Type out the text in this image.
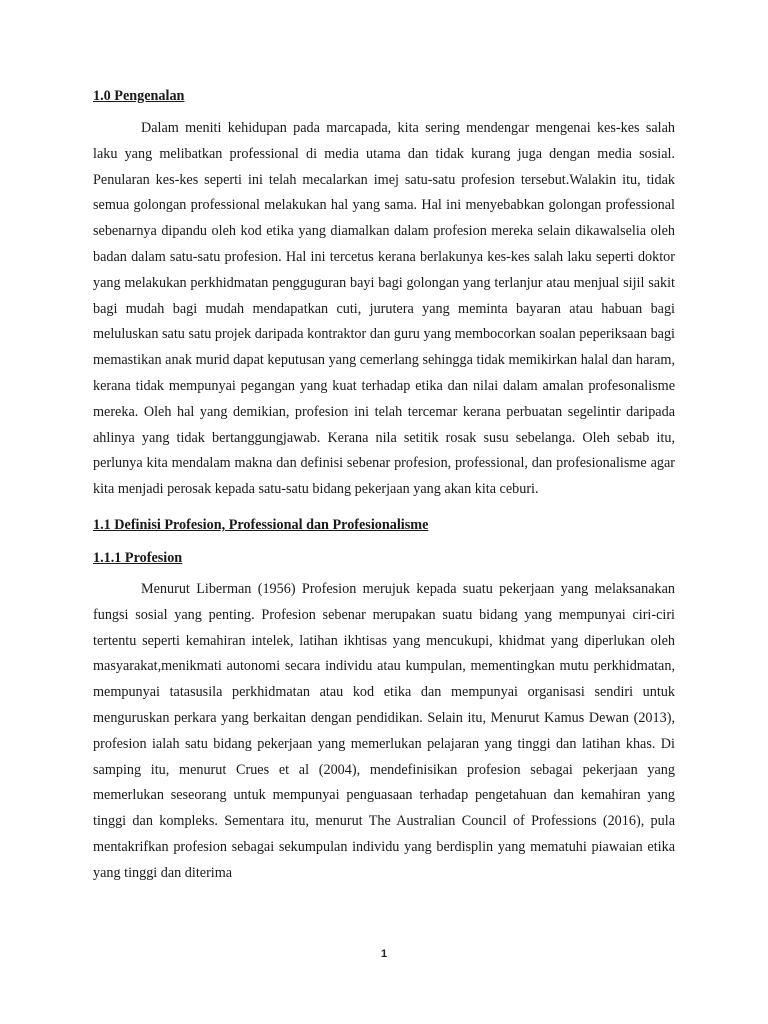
1.0 Pengenalan

Dalam meniti kehidupan pada marcapada, kita sering mendengar mengenai kes-kes salah laku yang melibatkan professional di media utama dan tidak kurang juga dengan media sosial. Penularan kes-kes seperti ini telah mecalarkan imej satu-satu profesion tersebut.Walakin itu, tidak semua golongan professional melakukan hal yang sama. Hal ini menyebabkan golongan professional sebenarnya dipandu oleh kod etika yang diamalkan dalam profesion mereka selain dikawalselia oleh badan dalam satu-satu profesion. Hal ini tercetus kerana berlakunya kes-kes salah laku seperti doktor yang melakukan perkhidmatan pengguguran bayi bagi golongan yang terlanjur atau menjual sijil sakit bagi mudah bagi mudah mendapatkan cuti, jurutera yang meminta bayaran atau habuan bagi meluluskan satu satu projek daripada kontraktor dan guru yang membocorkan soalan peperiksaan bagi memastikan anak murid dapat keputusan yang cemerlang sehingga tidak memikirkan halal dan haram, kerana tidak mempunyai pegangan yang kuat terhadap etika dan nilai dalam amalan profesonalisme mereka. Oleh hal yang demikian, profesion ini telah tercemar kerana perbuatan segelintir daripada ahlinya yang tidak bertanggungjawab. Kerana nila setitik rosak susu sebelanga. Oleh sebab itu, perlunya kita mendalam makna dan definisi sebenar profesion, professional, dan profesionalisme agar kita menjadi perosak kepada satu-satu bidang pekerjaan yang akan kita ceburi.

1.1 Definisi Profesion, Professional dan Profesionalisme

1.1.1 Profesion

Menurut Liberman (1956) Profesion merujuk kepada suatu pekerjaan yang melaksanakan fungsi sosial yang penting. Profesion sebenar merupakan suatu bidang yang mempunyai ciri-ciri tertentu seperti kemahiran intelek, latihan ikhtisas yang mencukupi, khidmat yang diperlukan oleh masyarakat,menikmati autonomi secara individu atau kumpulan, mementingkan mutu perkhidmatan, mempunyai tatasusila perkhidmatan atau kod etika dan mempunyai organisasi sendiri untuk menguruskan perkara yang berkaitan dengan pendidikan. Selain itu, Menurut Kamus Dewan (2013), profesion ialah satu bidang pekerjaan yang memerlukan pelajaran yang tinggi dan latihan khas. Di samping itu, menurut Crues et al (2004), mendefinisikan profesion sebagai pekerjaan yang memerlukan seseorang untuk mempunyai penguasaan terhadap pengetahuan dan kemahiran yang tinggi dan kompleks. Sementara itu, menurut The Australian Council of Professions (2016), pula mentakrifkan profesion sebagai sekumpulan individu yang berdisplin yang mematuhi piawaian etika yang tinggi dan diterima

1
